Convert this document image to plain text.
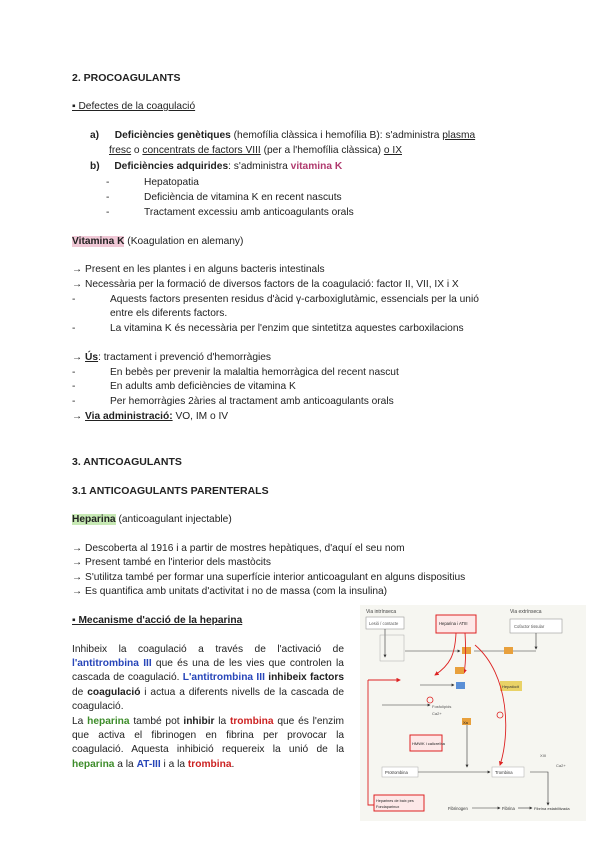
2. PROCOAGULANTS
▪ Defectes de la coagulació
a) Deficiències genètiques (hemofília clàssica i hemofília B): s'administra plasma
fresc o concentrats de factors VIII (per a l'hemofília clàssica) o IX
b) Deficiències adquirides: s'administra vitamina K
- Hepatopatia
- Deficiència de vitamina K en recent nascuts
- Tractament excessiu amb anticoagulants orals
Vitamina K (Koagulation en alemany)
→ Present en les plantes i en alguns bacteris intestinals
→ Necessària per la formació de diversos factors de la coagulació: factor II, VII, IX i X
- Aquests factors presenten residus d'àcid γ-carboxiglutàmic, essencials per la unió
entre els diferents factors.
- La vitamina K és necessària per l'enzim que sintetitza aquestes carboxilacions
→ Ús: tractament i prevenció d'hemorràgies
- En bebès per prevenir la malaltia hemorràgica del recent nascut
- En adults amb deficiències de vitamina K
- Per hemorràgies 2àries al tractament amb anticoagulants orals
→ Via administració: VO, IM o IV
3. ANTICOAGULANTS
3.1 ANTICOAGULANTS PARENTERALS
Heparina (anticoagulant injectable)
→ Descoberta al 1916 i a partir de mostres hepàtiques, d'aquí el seu nom
→ Present també en l'interior dels mastòcits
→ S'utilitza també per formar una superfície interior anticoagulant en alguns dispositius
→ Es quantifica amb unitats d'activitat i no de massa (com la insulina)
▪ Mecanisme d'acció de la heparina
Inhibeix la coagulació a través de l'activació de l'antitrombina III que és una de les vies que controlen la cascada de coagulació. L'antitrombina III inhibeix factors de coagulació i actua a diferents nivells de la cascada de coagulació.
La heparina també pot inhibir la trombina que és l'enzim que activa el fibrinogen en fibrina per provocar la coagulació. Aquesta inhibició requereix la unió de la heparina a la AT-III i a la trombina.
Via intrínseca	Via extrínseca
Lesió / contacte	Heparina i ATIII
Cofactor tissular
Hepatòcit
Fosfolípids
Ca2+
HMWK i calicreïna
Xa
Protrombina	Trombina
XIII
Ca2+
Heparines de baix pes
Fondaparinux	Fibrinogen	Fibrina	Fibrina estabilitzada
